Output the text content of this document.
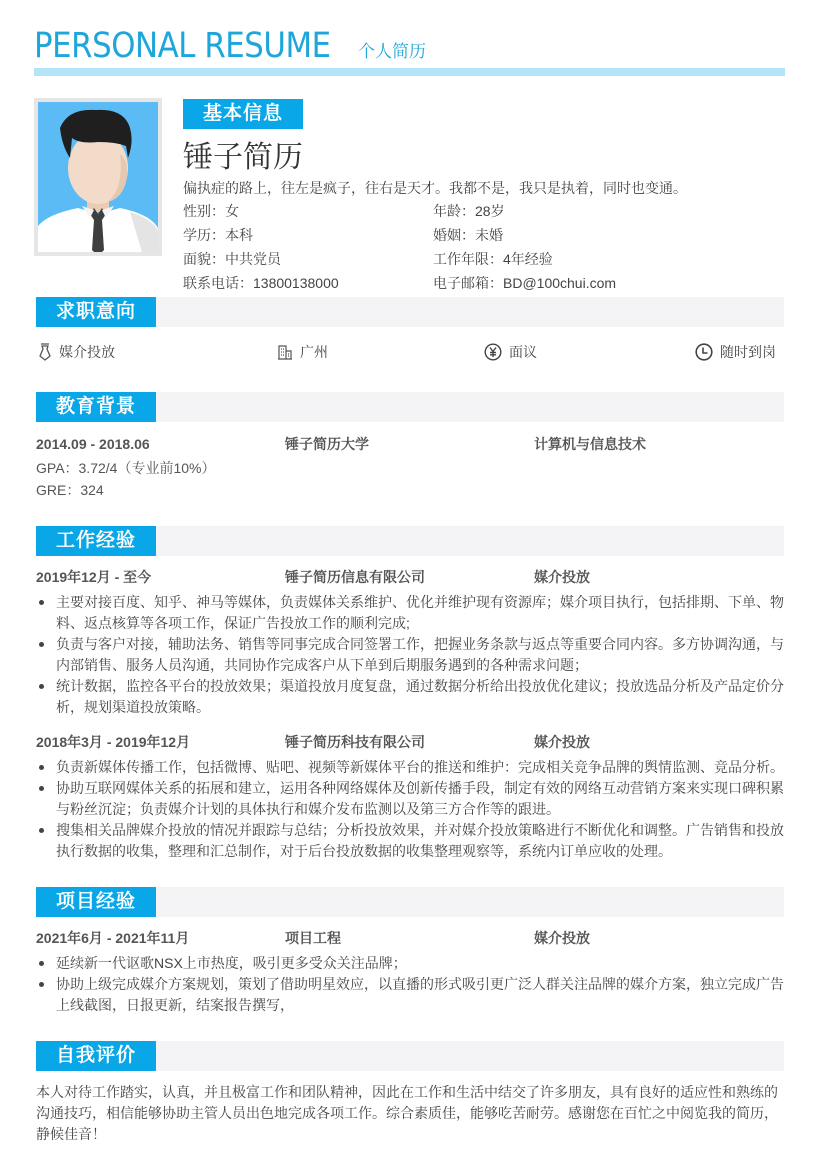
PERSONAL RESUME 个人简历
基本信息
锤子简历
偏执症的路上，往左是疯子，往右是天才。我都不是，我只是执着，同时也变通。
性别：女	年龄：28岁
学历：本科	婚姻：未婚
面貌：中共党员	工作年限：4年经验
联系电话：13800138000	电子邮箱：BD@100chui.com
求职意向
媒介投放	广州	面议	随时到岗
教育背景
2014.09 - 2018.06	锤子简历大学	计算机与信息技术
GPA：3.72/4（专业前10%）
GRE：324
工作经验
2019年12月 - 至今	锤子简历信息有限公司	媒介投放
主要对接百度、知乎、神马等媒体，负责媒体关系维护、优化并维护现有资源库；媒介项目执行，包括排期、下单、物料、返点核算等各项工作，保证广告投放工作的顺利完成;
负责与客户对接，辅助法务、销售等同事完成合同签署工作，把握业务条款与返点等重要合同内容。多方协调沟通，与内部销售、服务人员沟通，共同协作完成客户从下单到后期服务遇到的各种需求问题；
统计数据，监控各平台的投放效果；渠道投放月度复盘，通过数据分析给出投放优化建议；投放选品分析及产品定价分析，规划渠道投放策略。
2018年3月 - 2019年12月	锤子简历科技有限公司	媒介投放
负责新媒体传播工作，包括微博、贴吧、视频等新媒体平台的推送和维护：完成相关竞争品牌的舆情监测、竞品分析。
协助互联网媒体关系的拓展和建立，运用各种网络媒体及创新传播手段，制定有效的网络互动营销方案来实现口碑积累与粉丝沉淀；负责媒介计划的具体执行和媒介发布监测以及第三方合作等的跟进。
搜集相关品牌媒介投放的情况并跟踪与总结；分析投放效果，并对媒介投放策略进行不断优化和调整。广告销售和投放执行数据的收集，整理和汇总制作，对于后台投放数据的收集整理观察等，系统内订单应收的处理。
项目经验
2021年6月 - 2021年11月	项目工程	媒介投放
延续新一代讴歌NSX上市热度，吸引更多受众关注品牌；
协助上级完成媒介方案规划，策划了借助明星效应，以直播的形式吸引更广泛人群关注品牌的媒介方案，独立完成广告上线截图，日报更新，结案报告撰写，
自我评价
本人对待工作踏实，认真，并且极富工作和团队精神，因此在工作和生活中结交了许多朋友，具有良好的适应性和熟练的沟通技巧，相信能够协助主管人员出色地完成各项工作。综合素质佳，能够吃苦耐劳。感谢您在百忙之中阅览我的简历，静候佳音！
